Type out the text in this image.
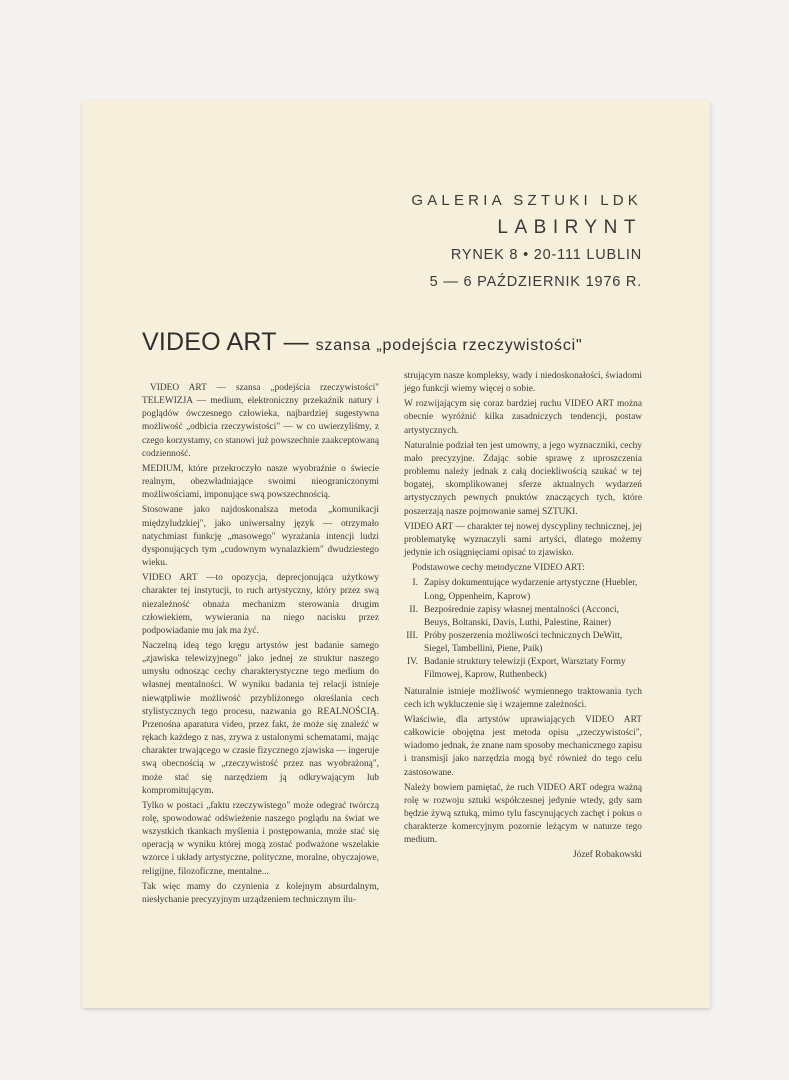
GALERIA SZTUKI LDK
LABIRYNT
RYNEK 8 • 20-111 LUBLIN
5 — 6 PAŹDZIERNIK 1976 R.
VIDEO ART — szansa „podejścia rzeczywistości"

VIDEO ART — szansa „podejścia rzeczywistości" TELEWIZJA — medium, elektroniczny przekaźnik natury i poglądów ówczesnego człowieka, najbardziej sugestywna możliwość „odbicia rzeczywistości" — w co uwierzyliśmy, z czego korzystamy, co stanowi już powszechnie zaakceptowaną codzienność.

MEDIUM, które przekroczyło nasze wyobraźnie o świecie realnym, obezwładniające swoimi nieograniczonymi możliwościami, imponujące swą powszechnością.

Stosowane jako najdoskonalsza metoda „komunikacji międzyludzkiej", jako uniwersalny język — otrzymało natychmiast funkcję „masowego" wyrażania intencji ludzi dysponujących tym „cudownym wynalazkiem" dwudziestego wieku.

VIDEO ART —to opozycja, deprecjonująca użytkowy charakter tej instytucji, to ruch artystyczny, który przez swą niezależność obnaża mechanizm sterowania drugim człowiekiem, wywierania na niego nacisku przez podpowiadanie mu jak ma żyć.

Naczelną ideą tego kręgu artystów jest badanie samego „zjawiska telewizyjnego" jako jednej ze struktur naszego umysłu odnosząc cechy charakterystyczne tego medium do własnej mentalności. W wyniku badania tej relacji istnieje niewątpliwie możliwość przybliżonego określania cech stylistycznych tego procesu, nazwania go REALNOŚCIĄ. Przenośna aparatura video, przez fakt, że może się znaleźć w rękach każdego z nas, zrywa z ustalonymi schematami, mając charakter trwającego w czasie fizycznego zjawiska — ingeruje swą obecnością w „rzeczywistość przez nas wyobrażoną", może stać się narzędziem ją odkrywającym lub kompromitującym.

Tylko w postaci „faktu rzeczywistego" może odegrać twórczą rolę, spowodować odświeżenie naszego poglądu na świat we wszystkich tkankach myślenia i postępowania, może stać się operacją w wyniku której mogą zostać podważone wszelakie wzorce i układy artystyczne, polityczne, moralne, obyczajowe, religijne, filozoficzne, mentalne...

Tak więc mamy do czynienia z kolejnym absurdalnym, niesłychanie precyzyjnym urządzeniem technicznym ilu-

strującym nasze kompleksy, wady i niedoskonałości, świadomi jego funkcji wiemy więcej o sobie.

W rozwijającym się coraz bardziej ruchu VIDEO ART można obecnie wyróżnić kilka zasadniczych tendencji, postaw artystycznych.

Naturalnie podział ten jest umowny, a jego wyznaczniki, cechy mało precyzyjne. Zdając sobie sprawę z uproszczenia problemu należy jednak z całą dociekliwością szukać w tej bogatej, skomplikowanej sferze aktualnych wydarzeń artystycznych pewnych pnuktów znaczących tych, które poszerzają nasze pojmowanie samej SZTUKI.

VIDEO ART — charakter tej nowej dyscypliny technicznej, jej problematykę wyznaczyli sami artyści, dlatego możemy jedynie ich osiągnięciami opisać to zjawisko.

Podstawowe cechy metodyczne VIDEO ART:

I. Zapisy dokumentujące wydarzenie artystyczne (Huebler, Long, Oppenheim, Kaprow)
II. Bezpośrednie zapisy własnej mentalności (Acconci, Beuys, Boltanski, Davis, Luthi, Palestine, Rainer)
III. Próby poszerzenia możliwości technicznych DeWitt, Siegel, Tambellini, Piene, Paik)
IV. Badanie struktury telewizji (Export, Warsztaty Formy Filmowej, Kaprow, Ruthenbeck)

Naturalnie istnieje możliwość wymiennego traktowania tych cech ich wykluczenie się i wzajemne zależności.

Właściwie, dla artystów uprawiających VIDEO ART całkowicie obojętna jest metoda opisu „rzeczywistości", wiadomo jednak, że znane nam sposoby mechanicznego zapisu i transmisji jako narzędzia mogą być również do tego celu zastosowane.

Należy bowiem pamiętać, że ruch VIDEO ART odegra ważną rolę w rozwoju sztuki współczesnej jedynie wtedy, gdy sam będzie żywą sztuką, mimo tylu fascynujących zachęt i pokus o charakterze komercyjnym pozornie leżącym w naturze tego medium.

Józef Robakowski
